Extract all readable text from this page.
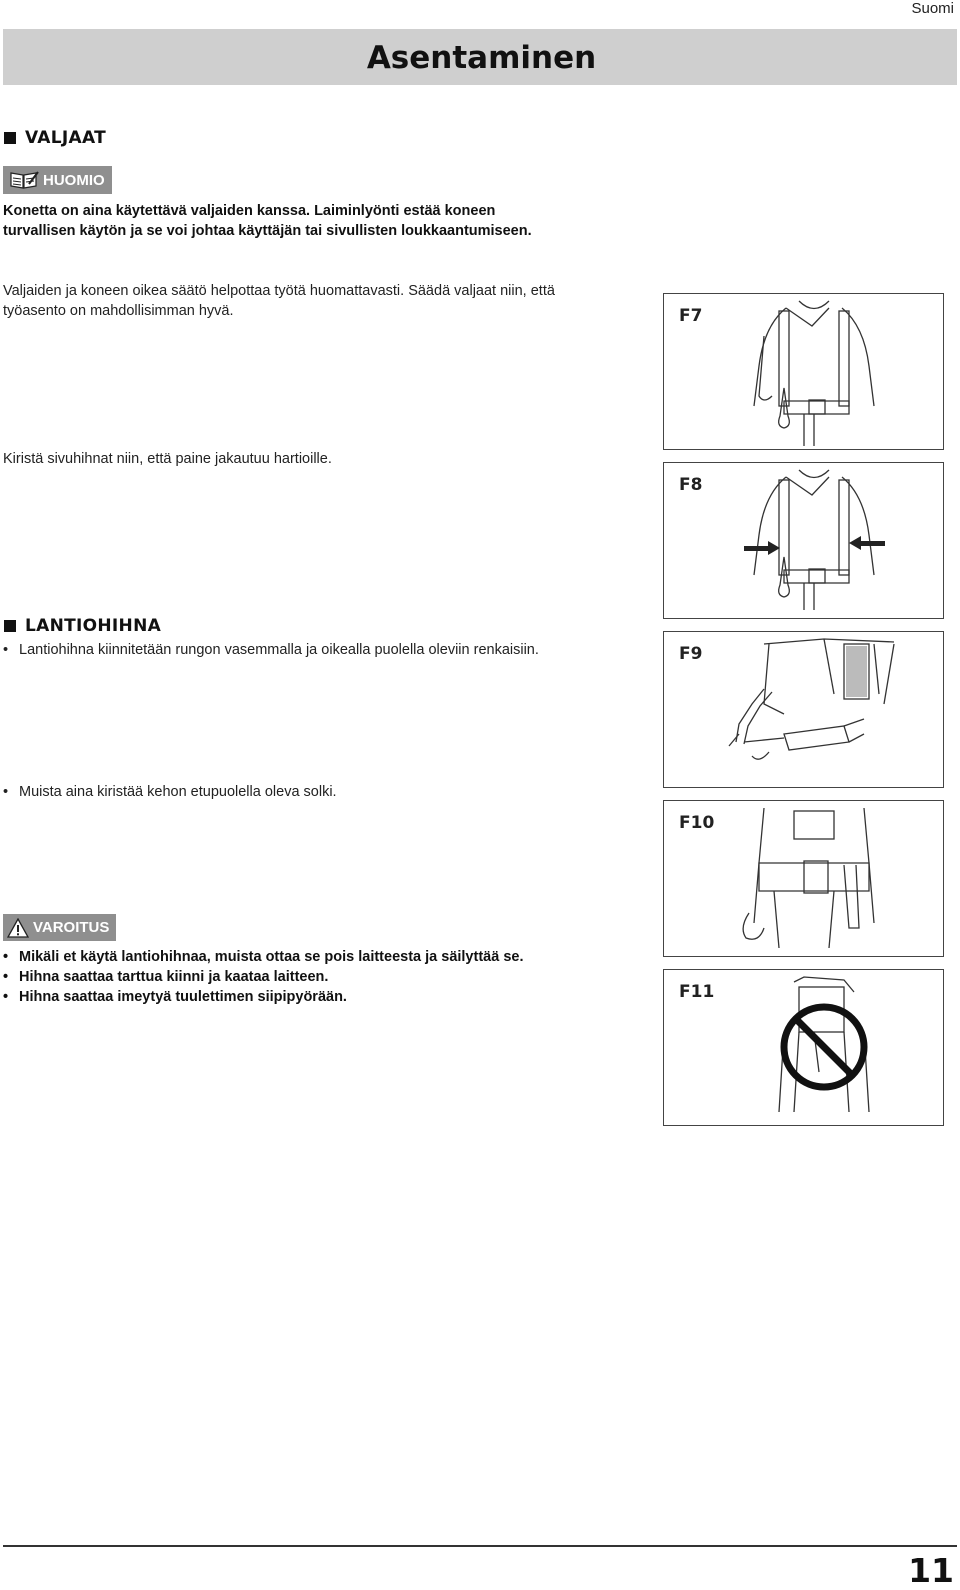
Suomi
Asentaminen
VALJAAT
HUOMIO
Konetta on aina käytettävä valjaiden kanssa. Laiminlyönti estää koneen
turvallisen käytön ja se voi johtaa käyttäjän tai sivullisten loukkaantumiseen.
Valjaiden ja koneen oikea säätö helpottaa työtä huomattavasti. Säädä valjaat niin, että
työasento on mahdollisimman hyvä.
Kiristä sivuhihnat niin, että paine jakautuu hartioille.
LANTIOHIHNA
• Lantiohihna kiinnitetään rungon vasemmalla ja oikealla puolella oleviin renkaisiin.
• Muista aina kiristää kehon etupuolella oleva solki.
VAROITUS
• Mikäli et käytä lantiohihnaa, muista ottaa se pois laitteesta ja säilyttää se.
• Hihna saattaa tarttua kiinni ja kaataa laitteen.
• Hihna saattaa imeytyä tuulettimen siipipyörään.
F7
F8
F9
F10
F11
11
